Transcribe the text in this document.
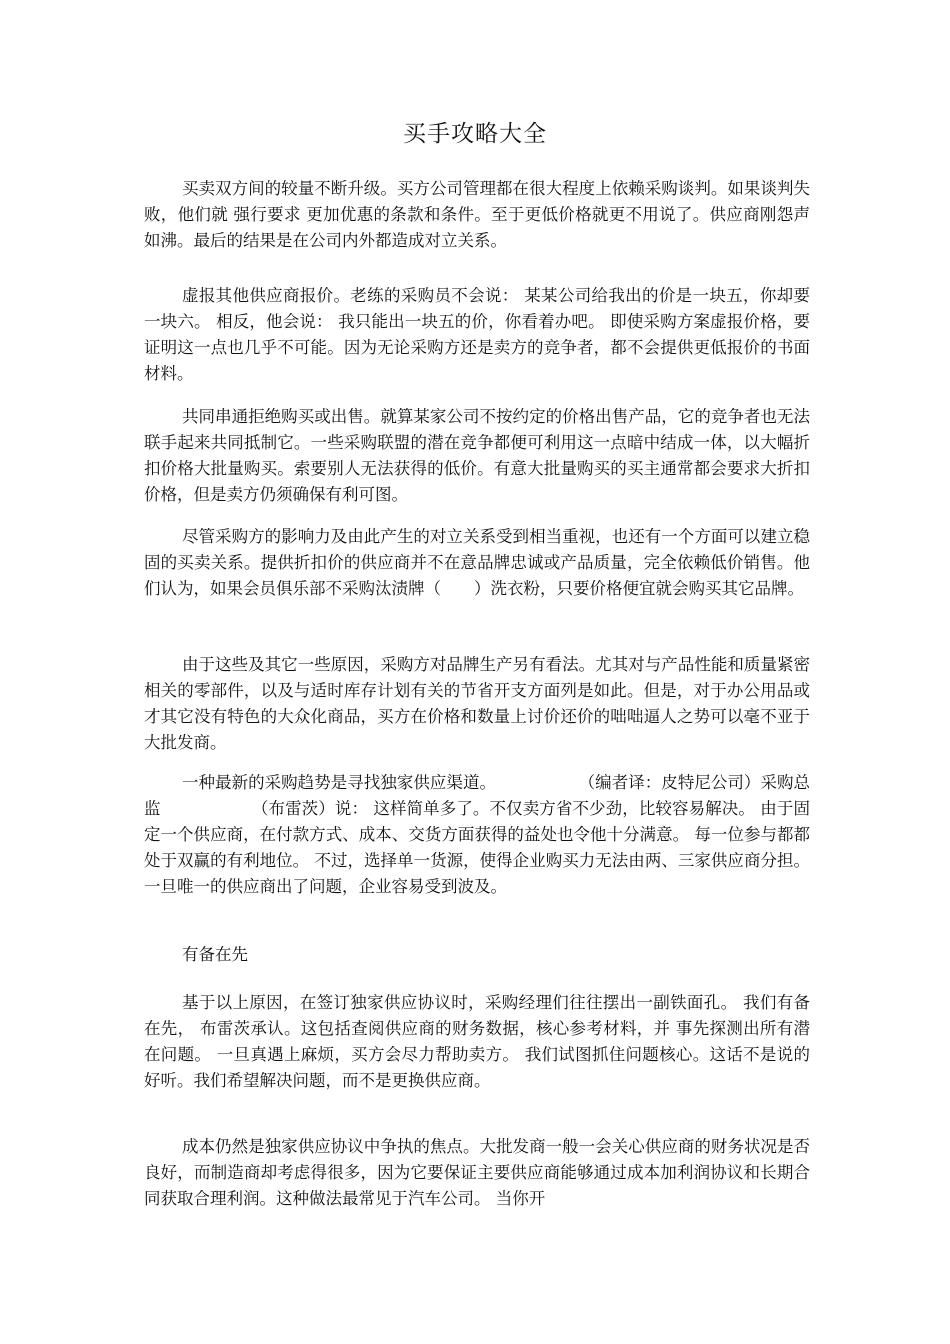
买手攻略大全

买卖双方间的较量不断升级。买方公司管理都在很大程度上依赖采购谈判。如果谈判失败，他们就 强行要求 更加优惠的条款和条件。至于更低价格就更不用说了。供应商刚怨声如沸。最后的结果是在公司内外都造成对立关系。

虚报其他供应商报价。老练的采购员不会说： 某某公司给我出的价是一块五，你却要一块六。 相反，他会说： 我只能出一块五的价，你看着办吧。 即使采购方案虚报价格，要证明这一点也几乎不可能。因为无论采购方还是卖方的竞争者，都不会提供更低报价的书面材料。

共同串通拒绝购买或出售。就算某家公司不按约定的价格出售产品，它的竞争者也无法联手起来共同抵制它。一些采购联盟的潜在竞争都便可利用这一点暗中结成一体，以大幅折扣价格大批量购买。索要别人无法获得的低价。有意大批量购买的买主通常都会要求大折扣价格，但是卖方仍须确保有利可图。

尽管采购方的影响力及由此产生的对立关系受到相当重视，也还有一个方面可以建立稳固的买卖关系。提供折扣价的供应商并不在意品牌忠诚或产品质量，完全依赖低价销售。他们认为，如果会员俱乐部不采购汰渍牌（　　）洗衣粉，只要价格便宜就会购买其它品牌。

由于这些及其它一些原因，采购方对品牌生产另有看法。尤其对与产品性能和质量紧密相关的零部件，以及与适时库存计划有关的节省开支方面列是如此。但是，对于办公用品或才其它没有特色的大众化商品，买方在价格和数量上讨价还价的咄咄逼人之势可以毫不亚于大批发商。

一种最新的采购趋势是寻找独家供应渠道。　　　　　　（编者译：皮特尼公司）采购总监　　　　　　（布雷茨）说： 这样简单多了。不仅卖方省不少劲，比较容易解决。 由于固定一个供应商，在付款方式、成本、交货方面获得的益处也令他十分满意。 每一位参与都都处于双赢的有利地位。 不过，选择单一货源，使得企业购买力无法由两、三家供应商分担。一旦唯一的供应商出了问题，企业容易受到波及。

有备在先

基于以上原因，在签订独家供应协议时，采购经理们往往摆出一副铁面孔。 我们有备在先， 布雷茨承认。这包括查阅供应商的财务数据，核心参考材料，并 事先探测出所有潜在问题。 一旦真遇上麻烦，买方会尽力帮助卖方。 我们试图抓住问题核心。这话不是说的好听。我们希望解决问题，而不是更换供应商。

成本仍然是独家供应协议中争执的焦点。大批发商一般一会关心供应商的财务状况是否良好，而制造商却考虑得很多，因为它要保证主要供应商能够通过成本加利润协议和长期合同获取合理利润。这种做法最常见于汽车公司。 当你开
